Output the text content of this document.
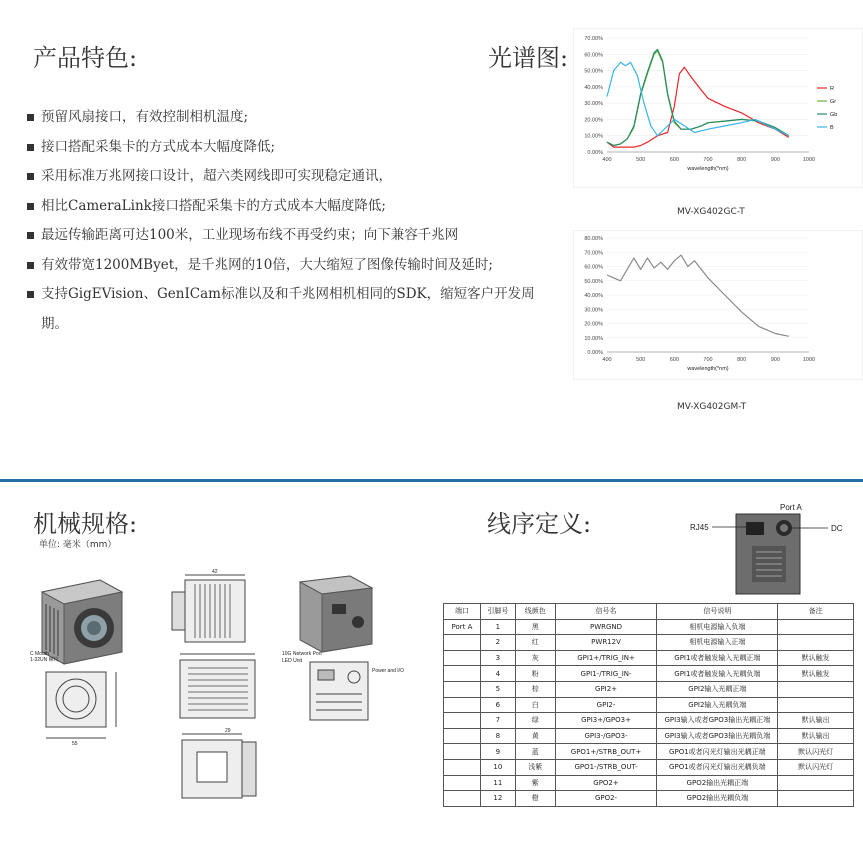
产品特色:
预留风扇接口，有效控制相机温度;
接口搭配采集卡的方式成本大幅度降低;
采用标准万兆网接口设计，超六类网线即可实现稳定通讯，
相比CameraLink接口搭配采集卡的方式成本大幅度降低;
最远传输距离可达100米，工业现场布线不再受约束；向下兼容千兆网
有效带宽1200MByet，是千兆网的10倍，大大缩短了图像传输时间及延时;
支持GigEVision、GenICam标准以及和千兆网相机相同的SDK，缩短客户开发周期。
光谱图:
0.00%
10.00%
20.00%
30.00%
40.00%
50.00%
60.00%
70.00%
400	500	600	700	800	900	1000
wavelength(*nm)
R
Gr
Gb
B
MV-XG402GC-T
0.00%
10.00%
20.00%
30.00%
40.00%
50.00%
60.00%
70.00%
80.00%
400	500	600	700	800	900	1000
wavelength(*nm)
MV-XG402GM-T
机械规格:
单位: 毫米（mm）
C Mouth
1-32UN 螺纹
55
42
29
10G Network Port
LED Unit
Power and I/O
线序定义:
Port A
RJ45	DC
端口	引脚号	线颜色	信号名	信号说明	备注
Port A	1	黑	PWRGND	相机电源输入负端	
	2	红	PWR12V	相机电源输入正端	
	3	灰	GPI1+/TRIG_IN+	GPI1或者触发输入光耦正端	默认触发
	4	粉	GPI1-/TRIG_IN-	GPI1或者触发输入光耦负端	默认触发
	5	棕	GPI2+	GPI2输入光耦正端	
	6	白	GPI2-	GPI2输入光耦负端	
	7	绿	GPI3+/GPO3+	GPI3输入或者GPO3输出光耦正端	默认输出
	8	黄	GPI3-/GPO3-	GPI3输入或者GPO3输出光耦负端	默认输出
	9	蓝	GPO1+/STRB_OUT+	GPO1或者闪光灯输出光耦正端	默认闪光灯
	10	浅紫	GPO1-/STRB_OUT-	GPO1或者闪光灯输出光耦负端	默认闪光灯
	11	紫	GPO2+	GPO2输出光耦正端	
	12	橙	GPO2-	GPO2输出光耦负端	
